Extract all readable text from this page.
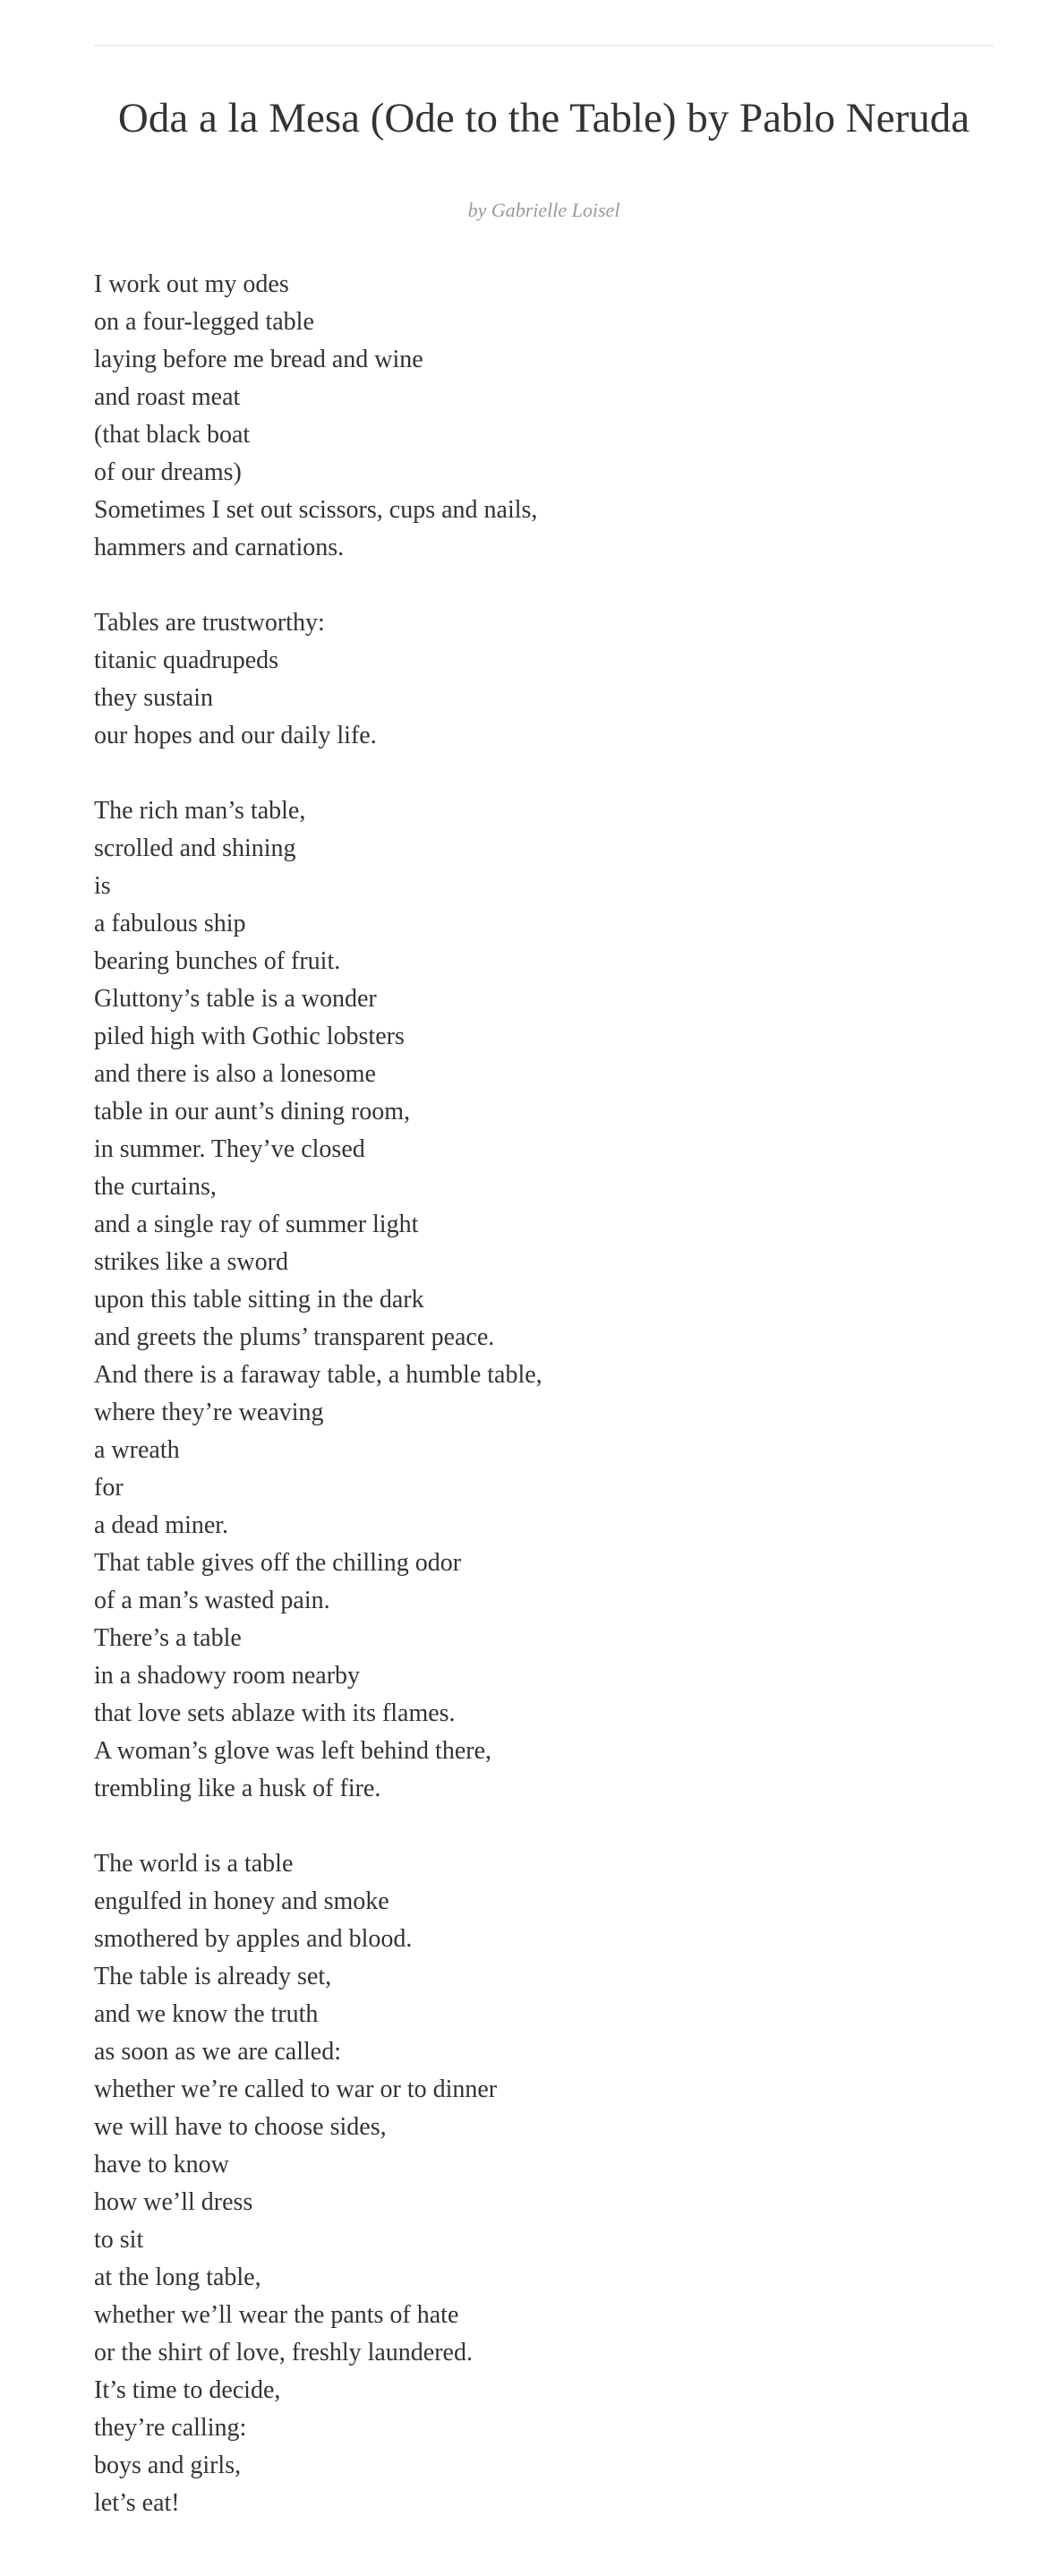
Oda a la Mesa (Ode to the Table) by Pablo Neruda
by Gabrielle Loisel

I work out my odes
on a four-legged table
laying before me bread and wine
and roast meat
(that black boat
of our dreams)
Sometimes I set out scissors, cups and nails,
hammers and carnations.

Tables are trustworthy:
titanic quadrupeds
they sustain
our hopes and our daily life.

The rich man’s table,
scrolled and shining
is
a fabulous ship
bearing bunches of fruit.
Gluttony’s table is a wonder
piled high with Gothic lobsters
and there is also a lonesome
table in our aunt’s dining room,
in summer. They’ve closed
the curtains,
and a single ray of summer light
strikes like a sword
upon this table sitting in the dark
and greets the plums’ transparent peace.
And there is a faraway table, a humble table,
where they’re weaving
a wreath
for
a dead miner.
That table gives off the chilling odor
of a man’s wasted pain.
There’s a table
in a shadowy room nearby
that love sets ablaze with its flames.
A woman’s glove was left behind there,
trembling like a husk of fire.

The world is a table
engulfed in honey and smoke
smothered by apples and blood.
The table is already set,
and we know the truth
as soon as we are called:
whether we’re called to war or to dinner
we will have to choose sides,
have to know
how we’ll dress
to sit
at the long table,
whether we’ll wear the pants of hate
or the shirt of love, freshly laundered.
It’s time to decide,
they’re calling:
boys and girls,
let’s eat!
